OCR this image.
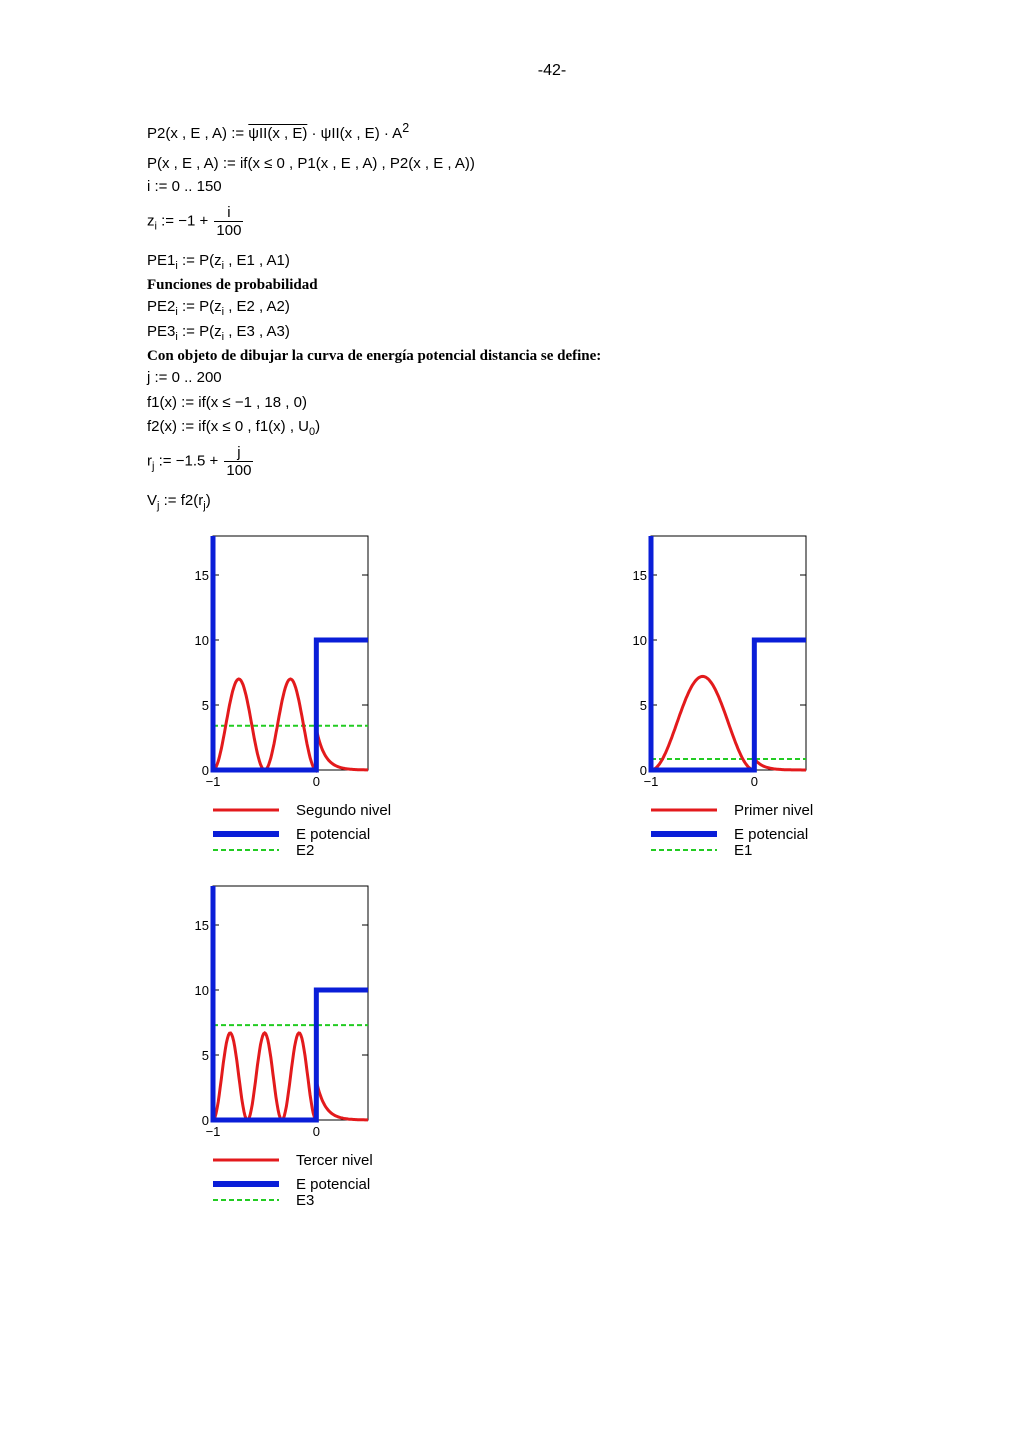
-42-
P2(x , E , A) := ψII(x , E) · ψII(x , $E) \cdot A^2$
P(x , E , A) := if(x ≤ 0 , P1(x , E , A) , P2(x , E , A))
i := 0 .. 150
$z_i$ := $-1 + \frac{i}{100}$
$PE1_i$ := $P(z_i$ , E1 , A1)
Funciones de probabilidad
$PE2_i$ := $P(z_i$ , E2 , A2)
$PE3_i$ := $P(z_i$ , E3 , A3)
Con objeto de dibujar la curva de energía potencial distancia se define:
j := 0 .. 200
f1(x) := if(x ≤ −1 , 18 , 0)
f2(x) := if(x ≤ 0 , f1(x) , $U_0$)
$r_j$ := $-1.5 + \frac{j}{100}$
$V_j$ := $f2(r_j)$
0
5
10
15
−1	0
Segundo nivel
E potencial
E2
0
5
10
15
−1	0
Primer nivel
E potencial
E1
0
5
10
15
−1	0
Tercer nivel
E potencial
E3
